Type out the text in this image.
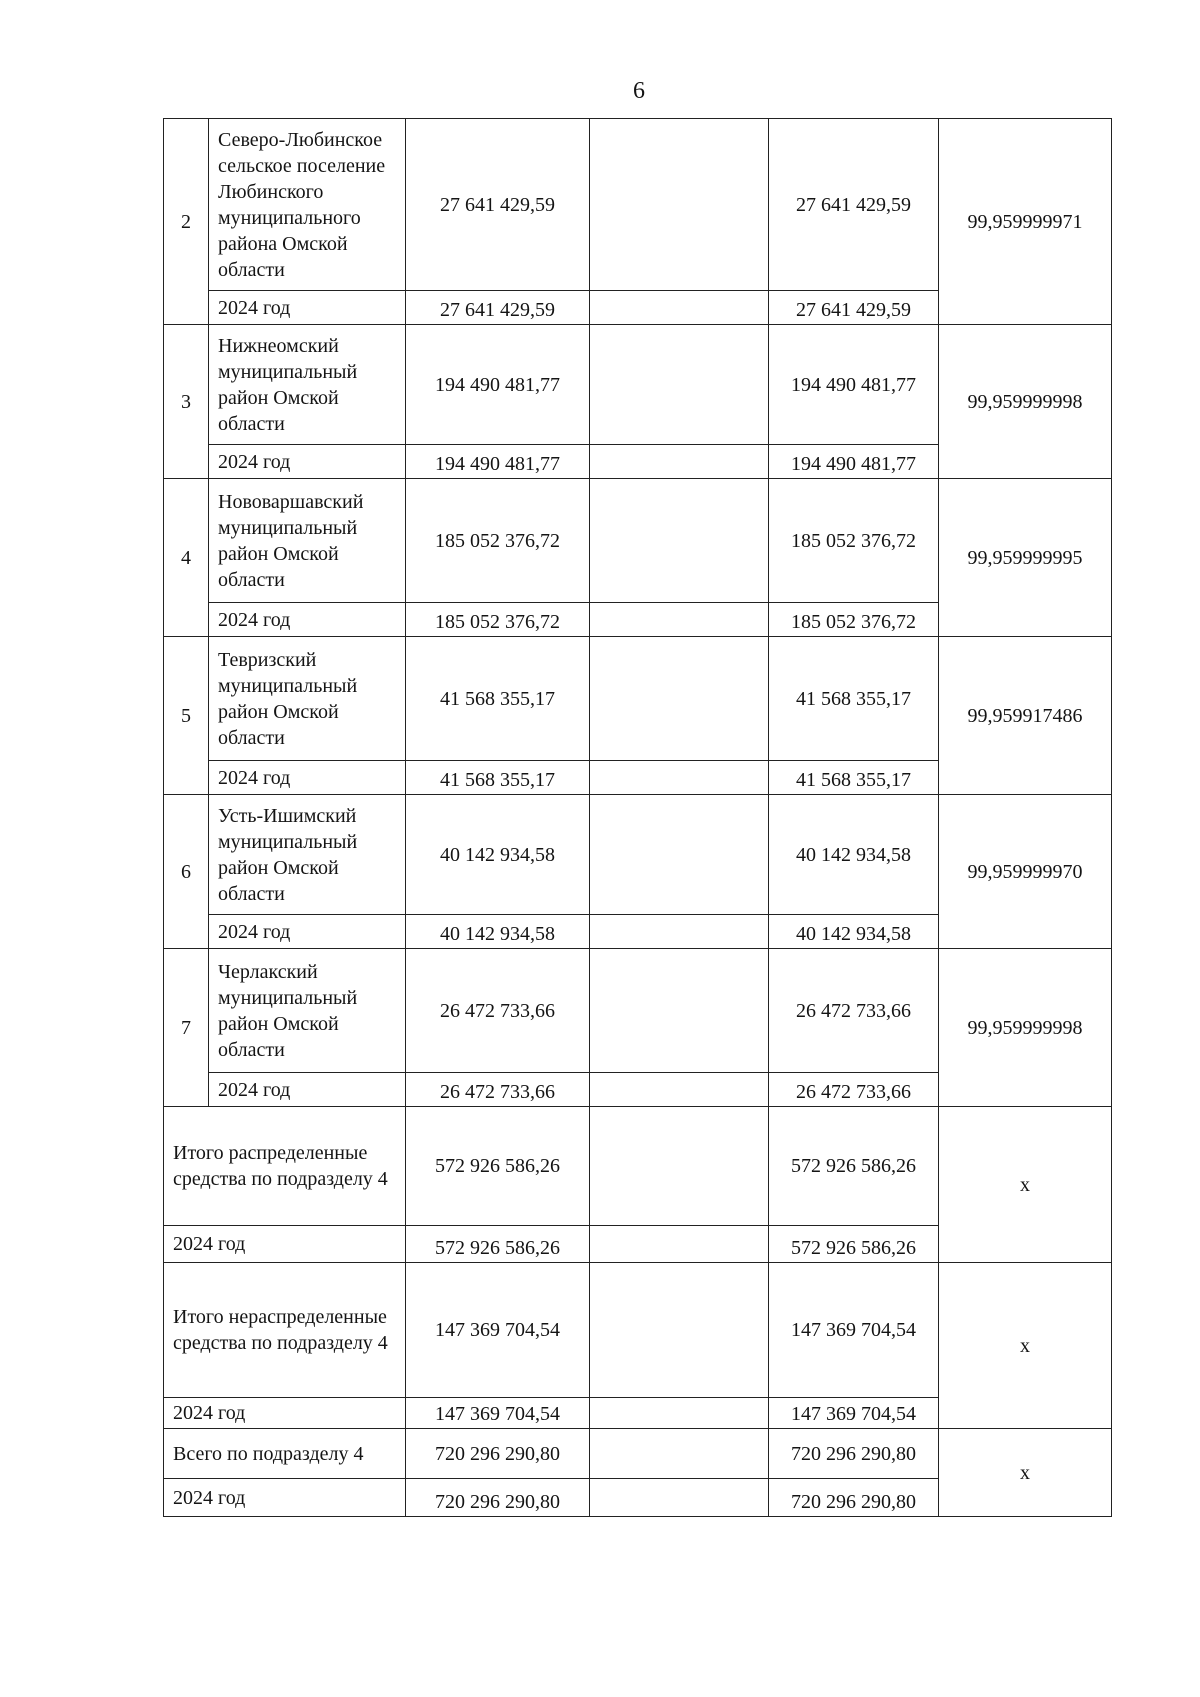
6
2	Северо-Любинское сельское поселение Любинского муниципального района Омской области	27 641 429,59		27 641 429,59	99,959999971
	2024 год	27 641 429,59		27 641 429,59	
3	Нижнеомский муниципальный район Омской области	194 490 481,77		194 490 481,77	99,959999998
	2024 год	194 490 481,77		194 490 481,77	
4	Нововаршавский муниципальный район Омской области	185 052 376,72		185 052 376,72	99,959999995
	2024 год	185 052 376,72		185 052 376,72	
5	Тевризский муниципальный район Омской области	41 568 355,17		41 568 355,17	99,959917486
	2024 год	41 568 355,17		41 568 355,17	
6	Усть-Ишимский муниципальный район Омской области	40 142 934,58		40 142 934,58	99,959999970
	2024 год	40 142 934,58		40 142 934,58	
7	Черлакский муниципальный район Омской области	26 472 733,66		26 472 733,66	99,959999998
	2024 год	26 472 733,66		26 472 733,66	
Итого распределенные средства по подразделу 4		572 926 586,26		572 926 586,26	х
2024 год		572 926 586,26		572 926 586,26	
Итого нераспределенные средства по подразделу 4		147 369 704,54		147 369 704,54	х
2024 год		147 369 704,54		147 369 704,54	
Всего по подразделу 4		720 296 290,80		720 296 290,80	х
2024 год		720 296 290,80		720 296 290,80	
